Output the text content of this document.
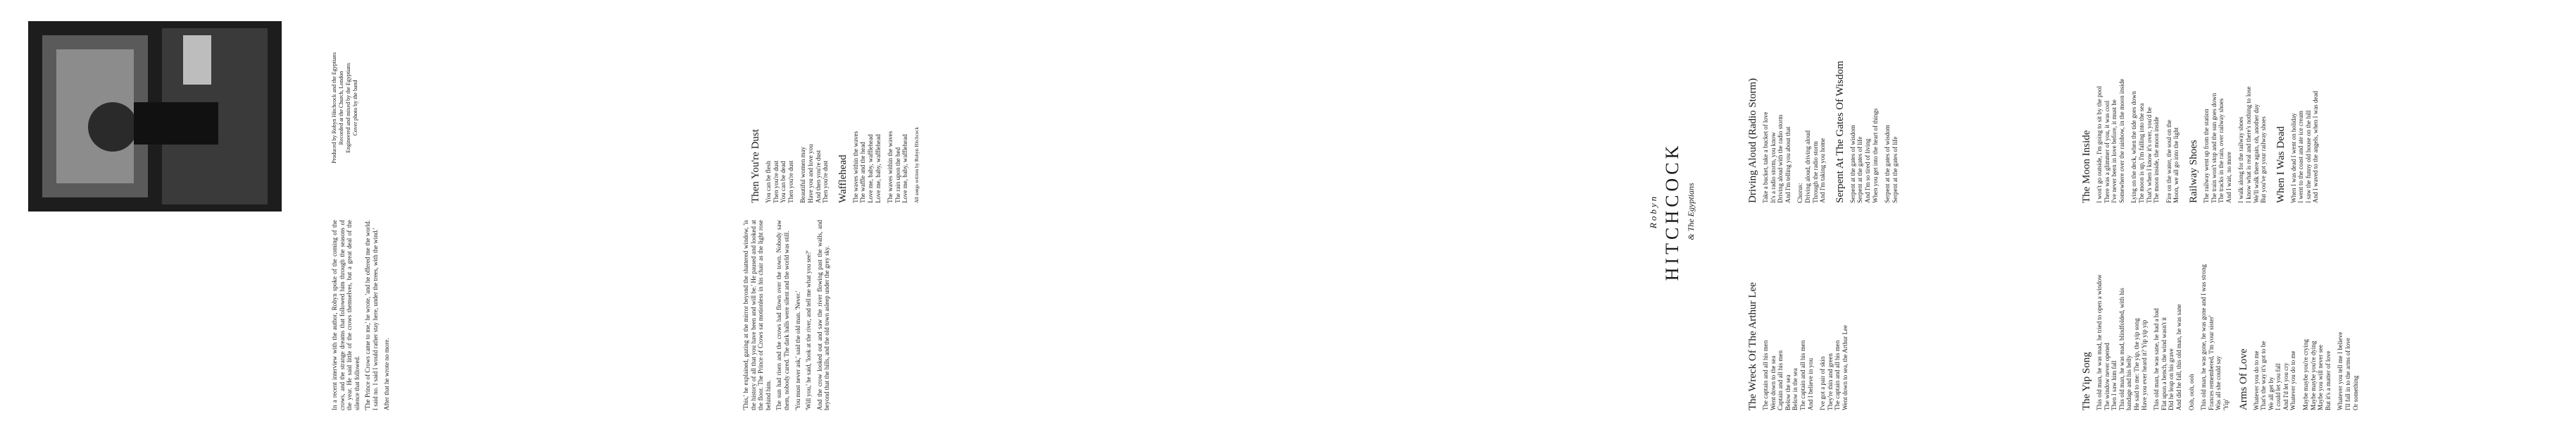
The Yip Song This old man, he was mad, he tried to open a window
The window never opened
Then I saw him fall
This old man, he was mad, blindfolded, with his
bandage and his belly
He said to me: The yip, the yip song
Have you ever heard it? Yip yip yip
This old man, he was sane, he had a bad
Flat upon a bench, the wind wasn't it
Did he leap on his grave
And did he fall, this old man, he was sane
Ooh, ooh, ooh This old man, he was gone, he was gone and I was strong
Frances remembered, 'I'm your sister'
Was all she could say
'Yip' Arms Of Love Whatever you do to me
That's the way it's got to be
We all get by
I could let you fall
And I'd let you cry
Whatever you do to me
Maybe maybe you're crying
Maybe maybe you're dying
Maybe you will never see
But it's a matter of love
Whatever you tell me I believe
I'll fall in to the arms of love
Or something
The Moon Inside I won't go outside, I'm going to sit by the pool
There was a glimmer of you, it was cool
I've never been in love before, it must be
Somewhere over the rainbow, in the moon inside
Lying on the deck, when the tide goes down
The moon is up, I'm falling into the sea
That's when I know it's over, you'd be
The moon inside, the moon inside
Fire on the water, the soul on the
Moon, we all go into the light
Railway Shoes The railway went up from the station
The train won't stop and the sun goes down
The tracks in the rain, over railway shoes
And I wait, no more
I walk along for the railway shoes
I know what is real and there's nothing to lose
We'll walk there again, oh, another day
But you've got your railway shoes
When I Was Dead When I was dead I went on holiday
I went to the coast and ate ice cream
I saw the funny old house on the hill
And I waved to the angels, when I was dead
Robyn HITCHCOCK & The Egyptians
The Wreck Of The Arthur Lee The captain and all his men
Went down to the sea
Captain and all his men
Below the sea
Below in the sea
The captain and all his men
And I believe in you
I've got a pair of skin
They're thin and green
The captain and all his men
Went down to sea, the Arthur Lee
Driving Aloud (Radio Storm) Take a bucket, take a bucket of love
It's a radio storm, you know
Driving aloud with the radio storm
And I'm telling you about that
Chorus:
Driving aloud, driving aloud
Through the radio storm
And I'm taking you home Serpent At The Gates Of Wisdom Serpent at the gates of wisdom
Serpent at the gates of life
And I'm so tired of living
When you get into the heart of things
Serpent at the gates of wisdom
Serpent at the gates of life

'This,' he explained, gazing at the mirror beyond the shattered window, 'is the history of all that you have been and will be.' He paused and looked at the floor. The Prince of Crows sat motionless in his chair as the light rose behind him. The sun had risen and the crows had flown over the town. Nobody saw them, nobody cared. The dark halls were silent and the world was still. 'You must never ask,' said the old man. 'Never.' 'Will you,' he said, 'look at the river, and tell me what you see?' And the crow looked out and saw the river flowing past the walls, and beyond that the hills, and the old town asleep under the grey sky.

Then You're Dust You can be flesh
Then you're dust
You can be dead
Then you're dust
Beautiful women may
Have you and love you
And then you're dust
Then you're dust Wafflehead The waves within the waves
The waffle and the head
Love me, baby, wafflehead
Love me, baby, wafflehead
The waves within the waves
The rain upon the bed
Love me, baby, wafflehead All songs written by Robyn Hitchcock

In a recent interview with the author, Robyn spoke of the coming of the crows, and the strange dreams that followed him through the seasons of the year. He said little of the crows themselves, but a great deal of the silence that followed. 'The Prince of Crows came to me,' he wrote, 'and he offered me the world. I said no. I said I would rather stay here, under the trees, with the wind.' After that he wrote no more.

Produced by Robyn Hitchcock and the Egyptians Recorded at the Church, London Engineered and mixed by the Egyptians Cover photo by the band
